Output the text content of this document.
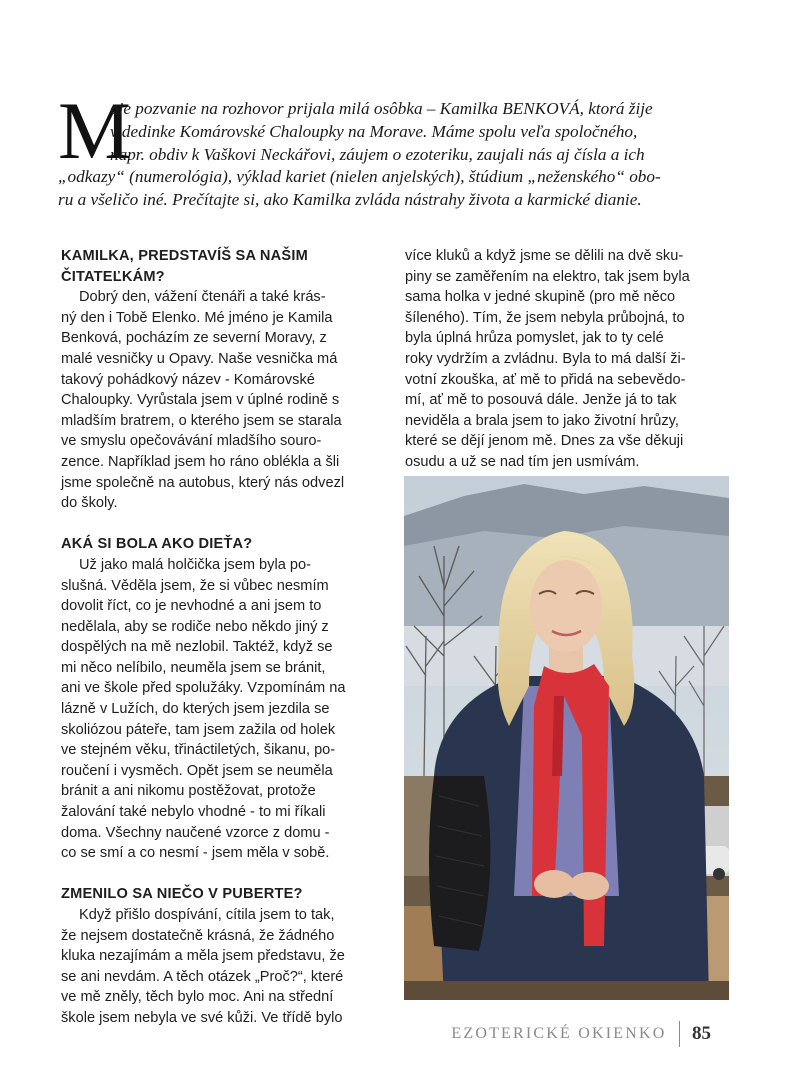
M
oje pozvanie na rozhovor prijala milá osôbka – Kamilka BENKOVÁ, ktorá žije
v dedinke Komárovské Chaloupky na Morave. Máme spolu veľa spoločného,
napr. obdiv k Vaškovi Neckářovi, záujem o ezoteriku, zaujali nás aj čísla a ich
„odkazy“ (numerológia), výklad kariet (nielen anjelských), štúdium „neženského“ obo-
ru a všeličo iné. Prečítajte si, ako Kamilka zvláda nástrahy života a karmické dianie.
KAMILKA, PREDSTAVÍŠ SA NAŠIM
ČITATEĽKÁM?
Dobrý den, vážení čtenáři a také krás-
ný den i Tobě Elenko. Mé jméno je Kamila
Benková, pocházím ze severní Moravy, z
malé vesničky u Opavy. Naše vesnička má
takový pohádkový název - Komárovské
Chaloupky. Vyrůstala jsem v úplné rodině s
mladším bratrem, o kterého jsem se starala
ve smyslu opečovávání mladšího souro-
zence. Například jsem ho ráno oblékla a šli
jsme společně na autobus, který nás odvezl
do školy.
AKÁ SI BOLA AKO DIEŤA?
Už jako malá holčička jsem byla po-
slušná. Věděla jsem, že si vůbec nesmím
dovolit říct, co je nevhodné a ani jsem to
nedělala, aby se rodiče nebo někdo jiný z
dospělých na mě nezlobil. Taktéž, když se
mi něco nelíbilo, neuměla jsem se bránit,
ani ve škole před spolužáky. Vzpomínám na
lázně v Lužích, do kterých jsem jezdila se
skoliózou páteře, tam jsem zažila od holek
ve stejném věku, třináctiletých, šikanu, po-
roučení i vysměch. Opět jsem se neuměla
bránit a ani nikomu postěžovat, protože
žalování také nebylo vhodné - to mi říkali
doma. Všechny naučené vzorce z domu -
co se smí a co nesmí - jsem měla v sobě.
ZMENILO SA NIEČO V PUBERTE?
Když přišlo dospívání, cítila jsem to tak,
že nejsem dostatečně krásná, že žádného
kluka nezajímám a měla jsem představu, že
se ani nevdám. A těch otázek „Proč?“, které
ve mě zněly, těch bylo moc. Ani na střední
škole jsem nebyla ve své kůži. Ve třídě bylo
více kluků a když jsme se dělili na dvě sku-
piny se zaměřením na elektro, tak jsem byla
sama holka v jedné skupině (pro mě něco
šíleného). Tím, že jsem nebyla průbojná, to
byla úplná hrůza pomyslet, jak to ty celé
roky vydržím a zvládnu. Byla to má další ži-
votní zkouška, ať mě to přidá na sebevědo-
mí, ať mě to posouvá dále. Jenže já to tak
neviděla a brala jsem to jako životní hrůzy,
které se dějí jenom mě. Dnes za vše děkuji
osudu a už se nad tím jen usmívám.
EZOTERICKÉ OKIENKO 85
